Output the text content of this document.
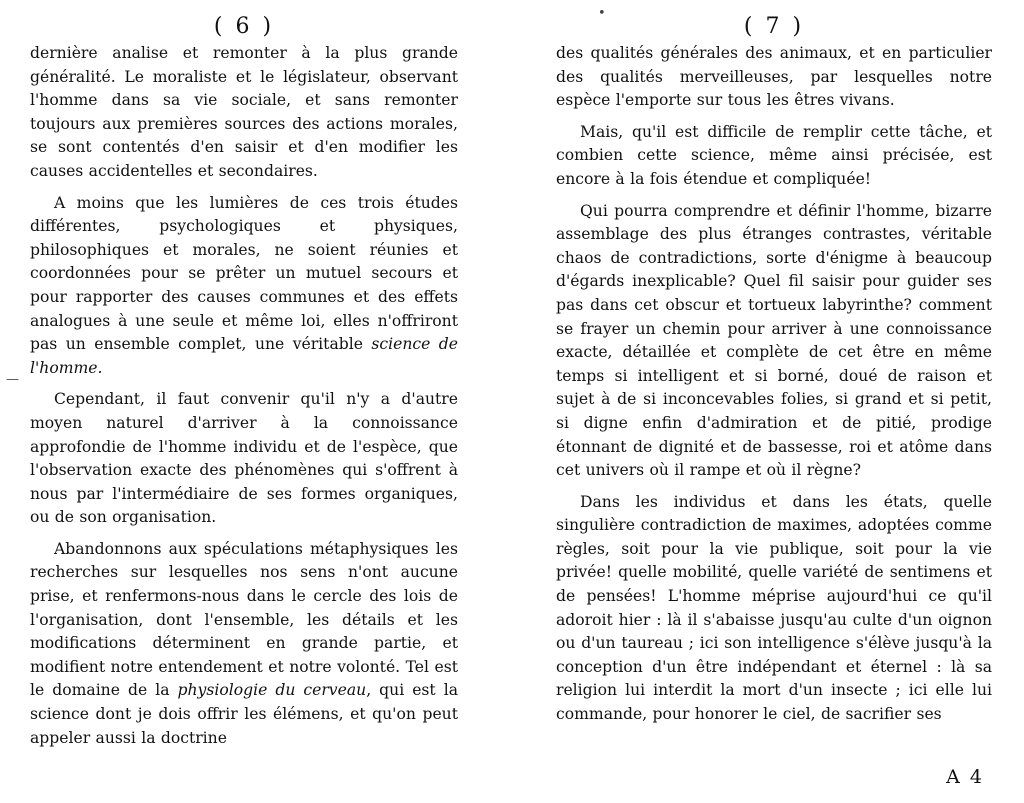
( 6 )

dernière analise et remonter à la plus grande généralité. Le moraliste et le législateur, observant l'homme dans sa vie sociale, et sans remonter toujours aux premières sources des actions morales, se sont contentés d'en saisir et d'en modifier les causes accidentelles et secondaires.

A moins que les lumières de ces trois études différentes, psychologiques et physiques, philosophiques et morales, ne soient réunies et coordonnées pour se prêter un mutuel secours et pour rapporter des causes communes et des effets analogues à une seule et même loi, elles n'offriront pas un ensemble complet, une véritable science de l'homme.

Cependant, il faut convenir qu'il n'y a d'autre moyen naturel d'arriver à la connoissance approfondie de l'homme individu et de l'espèce, que l'observation exacte des phénomènes qui s'offrent à nous par l'intermédiaire de ses formes organiques, ou de son organisation.

Abandonnons aux spéculations métaphysiques les recherches sur lesquelles nos sens n'ont aucune prise, et renfermons-nous dans le cercle des lois de l'organisation, dont l'ensemble, les détails et les modifications déterminent en grande partie, et modifient notre entendement et notre volonté. Tel est le domaine de la physiologie du cerveau, qui est la science dont je dois offrir les élémens, et qu'on peut appeler aussi la doctrine

—
•
( 7 )

des qualités générales des animaux, et en particulier des qualités merveilleuses, par lesquelles notre espèce l'emporte sur tous les êtres vivans.

Mais, qu'il est difficile de remplir cette tâche, et combien cette science, même ainsi précisée, est encore à la fois étendue et compliquée!

Qui pourra comprendre et définir l'homme, bizarre assemblage des plus étranges contrastes, véritable chaos de contradictions, sorte d'énigme à beaucoup d'égards inexplicable? Quel fil saisir pour guider ses pas dans cet obscur et tortueux labyrinthe? comment se frayer un chemin pour arriver à une connoissance exacte, détaillée et complète de cet être en même temps si intelligent et si borné, doué de raison et sujet à de si inconcevables folies, si grand et si petit, si digne enfin d'admiration et de pitié, prodige étonnant de dignité et de bassesse, roi et atôme dans cet univers où il rampe et où il règne?

Dans les individus et dans les états, quelle singulière contradiction de maximes, adoptées comme règles, soit pour la vie publique, soit pour la vie privée! quelle mobilité, quelle variété de sentimens et de pensées! L'homme méprise aujourd'hui ce qu'il adoroit hier : là il s'abaisse jusqu'au culte d'un oignon ou d'un taureau ; ici son intelligence s'élève jusqu'à la conception d'un être indépendant et éternel : là sa religion lui interdit la mort d'un insecte ; ici elle lui commande, pour honorer le ciel, de sacrifier ses

A 4
